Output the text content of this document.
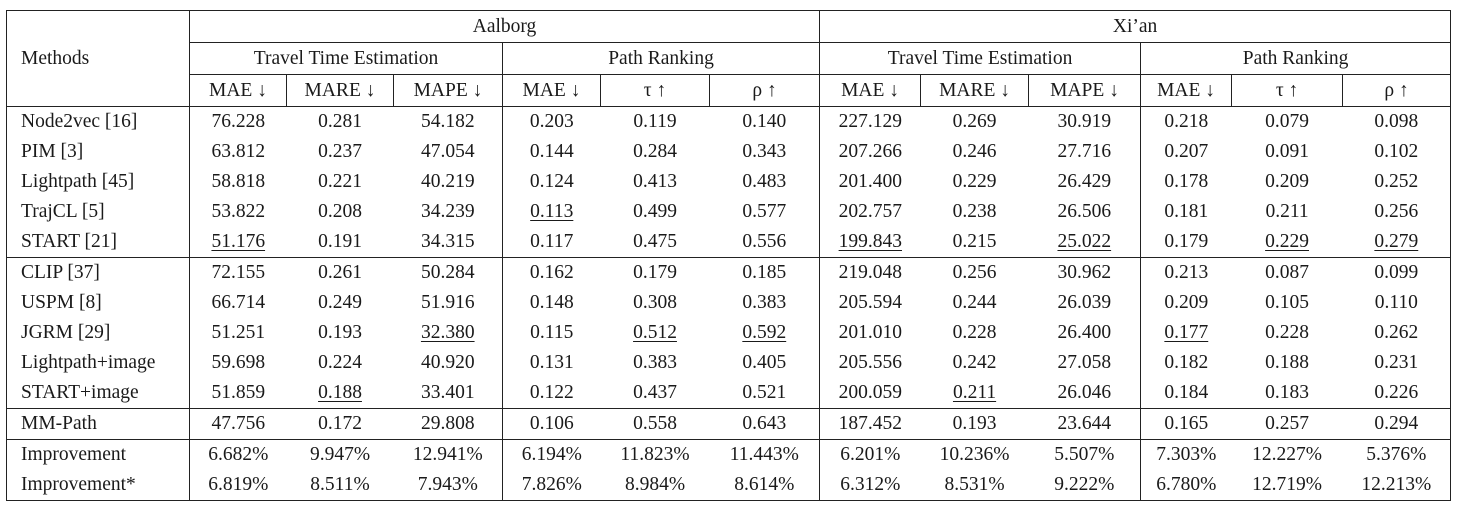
Methods	Aalborg						Xi’an					
	Travel Time Estimation			Path Ranking			Travel Time Estimation			Path Ranking		
	MAE ↓	MARE ↓	MAPE ↓	MAE ↓	τ ↑	ρ ↑	MAE ↓	MARE ↓	MAPE ↓	MAE ↓	τ ↑	ρ ↑
Node2vec [16]	76.228	0.281	54.182	0.203	0.119	0.140	227.129	0.269	30.919	0.218	0.079	0.098
PIM [3]	63.812	0.237	47.054	0.144	0.284	0.343	207.266	0.246	27.716	0.207	0.091	0.102
Lightpath [45]	58.818	0.221	40.219	0.124	0.413	0.483	201.400	0.229	26.429	0.178	0.209	0.252
TrajCL [5]	53.822	0.208	34.239	0.113	0.499	0.577	202.757	0.238	26.506	0.181	0.211	0.256
START [21]	51.176	0.191	34.315	0.117	0.475	0.556	199.843	0.215	25.022	0.179	0.229	0.279
CLIP [37]	72.155	0.261	50.284	0.162	0.179	0.185	219.048	0.256	30.962	0.213	0.087	0.099
USPM [8]	66.714	0.249	51.916	0.148	0.308	0.383	205.594	0.244	26.039	0.209	0.105	0.110
JGRM [29]	51.251	0.193	32.380	0.115	0.512	0.592	201.010	0.228	26.400	0.177	0.228	0.262
Lightpath+image	59.698	0.224	40.920	0.131	0.383	0.405	205.556	0.242	27.058	0.182	0.188	0.231
START+image	51.859	0.188	33.401	0.122	0.437	0.521	200.059	0.211	26.046	0.184	0.183	0.226
MM-Path	47.756	0.172	29.808	0.106	0.558	0.643	187.452	0.193	23.644	0.165	0.257	0.294
Improvement	6.682%	9.947%	12.941%	6.194%	11.823%	11.443%	6.201%	10.236%	5.507%	7.303%	12.227%	5.376%
Improvement*	6.819%	8.511%	7.943%	7.826%	8.984%	8.614%	6.312%	8.531%	9.222%	6.780%	12.719%	12.213%
